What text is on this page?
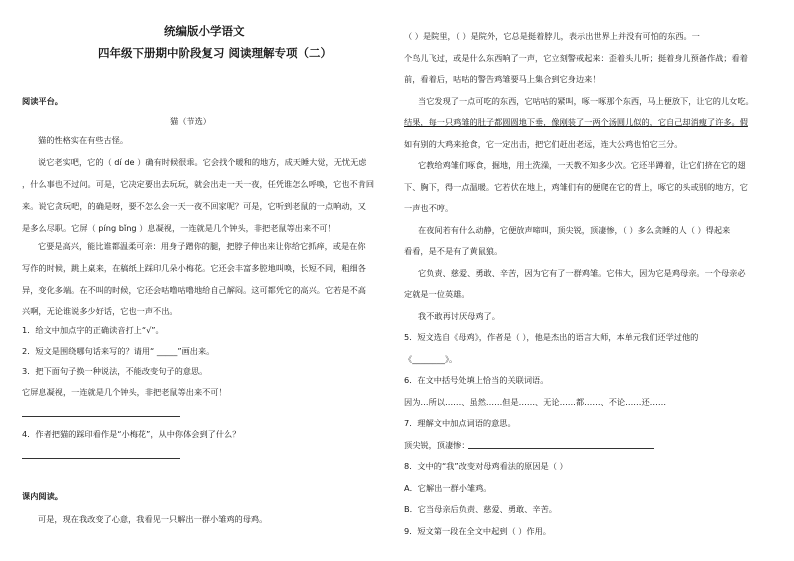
统编版小学语文
四年级下册期中阶段复习 阅读理解专项（二）
阅读平台。
猫（节选）
猫的性格实在有些古怪。
说它老实吧，它的（ dí de ）确有时候很乖。它会找个暖和的地方，成天睡大觉，无忧无虑
，什么事也不过问。可是，它决定要出去玩玩，就会出走一天一夜，任凭谁怎么呼唤，它也不肯回
来。说它贪玩吧，的确是呀，要不怎么会一天一夜不回家呢？可是，它听到老鼠的一点响动，又
是多么尽职。它屏（ píng bǐng ）息凝视，一连就是几个钟头，非把老鼠等出来不可！
它要是高兴，能比谁都温柔可亲：用身子蹭你的腿，把脖子伸出来让你给它抓痒，或是在你
写作的时候，跳上桌来，在稿纸上踩印几朵小梅花。它还会丰富多腔地叫唤，长短不同，粗细各
异，变化多端。在不叫的时候，它还会咕噜咕噜地给自己解闷。这可都凭它的高兴。它若是不高
兴啊，无论谁说多少好话，它也一声不出。
1．给文中加点字的正确读音打上“√”。
2．短文是围绕哪句话来写的？请用“ _____”画出来。
3．把下面句子换一种说法，不能改变句子的意思。
它屏息凝视，一连就是几个钟头，非把老鼠等出来不可！
4．作者把猫的踩印看作是“小梅花”，从中你体会到了什么？
课内阅读。
可是，现在我改变了心意，我看见一只解出一群小雏鸡的母鸡。
（ ）是院里，（ ）是院外，它总是挺着脖儿，表示出世界上并没有可怕的东西。一
个鸟儿飞过，或是什么东西响了一声，它立刻警戒起来：歪着头儿听；挺着身儿预备作战；看着
前，看着后，咕咕的警告鸡雏要马上集合到它身边来！
当它发现了一点可吃的东西，它咕咕的紧叫，啄一啄那个东西，马上便放下，让它的儿女吃。
结果，每一只鸡雏的肚子都圆圆地下垂，像刚装了一两个汤圆儿似的，它自己却消瘦了许多。假
如有别的大鸡来抢食，它一定出击，把它们赶出老远，连大公鸡也怕它三分。
它教给鸡雏们啄食，掘地，用土洗澡，一天教不知多少次。它还半蹲着，让它们挤在它的翅
下、胸下，得一点温暖。它若伏在地上，鸡雏们有的便爬在它的背上，啄它的头或别的地方，它
一声也不哼。
在夜间若有什么动静，它便放声啼叫，顶尖锐，顶凄惨，（ ）多么贪睡的人（ ）得起来
看看，是不是有了黄鼠狼。
它负责、慈爱、勇敢、辛苦，因为它有了一群鸡雏。它伟大，因为它是鸡母亲。一个母亲必
定就是一位英雄。
我不敢再讨厌母鸡了。
5．短文选自《母鸡》，作者是（ ），他是杰出的语言大师，本单元我们还学过他的
《________》。
6．在文中括号处填上恰当的关联词语。
因为…所以……、虽然……但是……、无论……都……、不论……还……
7．理解文中加点词语的意思。
顶尖锐，顶凄惨：
8．文中的“我”改变对母鸡看法的原因是（ ）
A．它解出一群小雏鸡。
B．它当母亲后负责、慈爱、勇敢、辛苦。
9．短文第一段在全文中起到（ ）作用。
